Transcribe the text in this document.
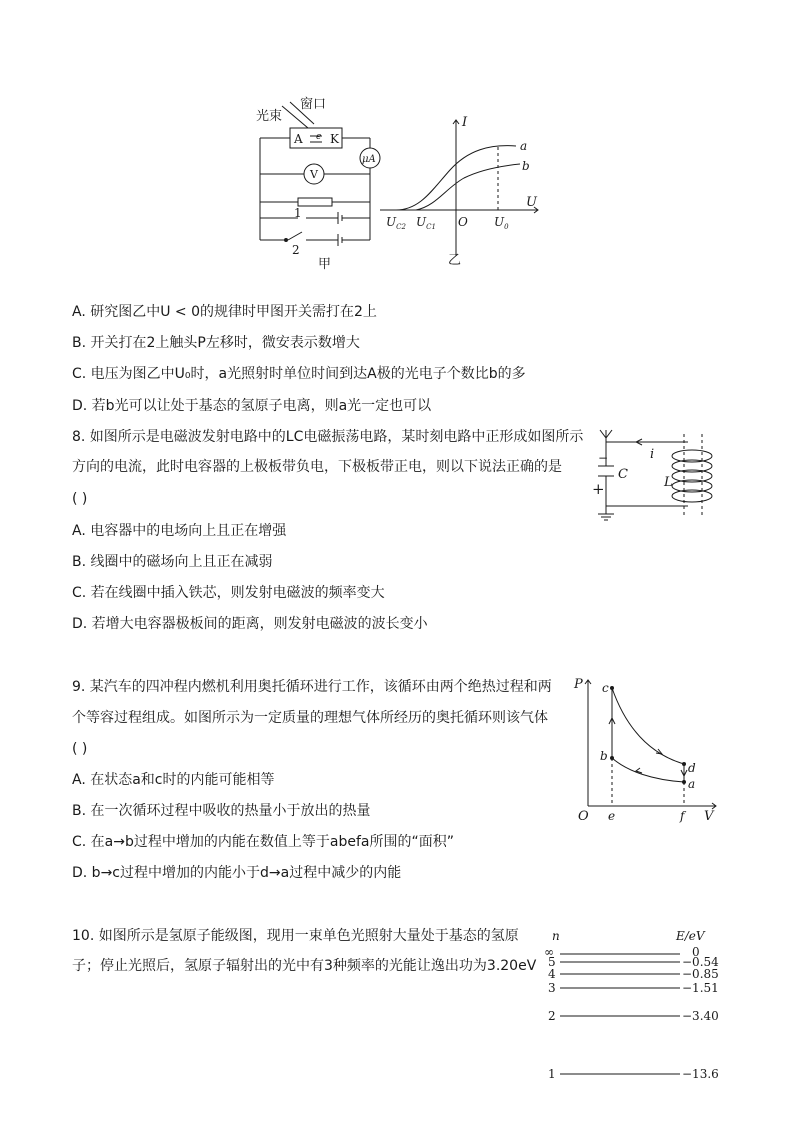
光束
窗口
A K
e
μA
V
1
2
甲
I
U
a
b
$U_{C2}$ $U_{C1}$ O $U_0$
乙
A. 研究图乙中U < 0的规律时甲图开关需打在2上
B. 开关打在2上触头P左移时，微安表示数增大
C. 电压为图乙中U₀时，a光照射时单位时间到达A极的光电子个数比b的多
D. 若b光可以让处于基态的氢原子电离，则a光一定也可以
8. 如图所示是电磁波发射电路中的LC电磁振荡电路，某时刻电路中正形成如图所示
方向的电流，此时电容器的上极板带负电，下极板带正电，则以下说法正确的是
( )
A. 电容器中的电场向上且正在增强
B. 线圈中的磁场向上且正在减弱
C. 若在线圈中插入铁芯，则发射电磁波的频率变大
D. 若增大电容器极板间的距离，则发射电磁波的波长变小
i
C
L
+
−
9. 某汽车的四冲程内燃机利用奥托循环进行工作，该循环由两个绝热过程和两
个等容过程组成。如图所示为一定质量的理想气体所经历的奥托循环则该气体
( )
A. 在状态a和c时的内能可能相等
B. 在一次循环过程中吸收的热量小于放出的热量
C. 在a→b过程中增加的内能在数值上等于abefa所围的“面积”
D. b→c过程中增加的内能小于d→a过程中减少的内能
P
V
O
c
b
d
a
e	f
10. 如图所示是氢原子能级图，现用一束单色光照射大量处于基态的氢原
子；停止光照后，氢原子辐射出的光中有3种频率的光能让逸出功为3.20eV
n	E/eV
∞	0
5	−0.54
4	−0.85
3	−1.51
2	−3.40
1	−13.6
